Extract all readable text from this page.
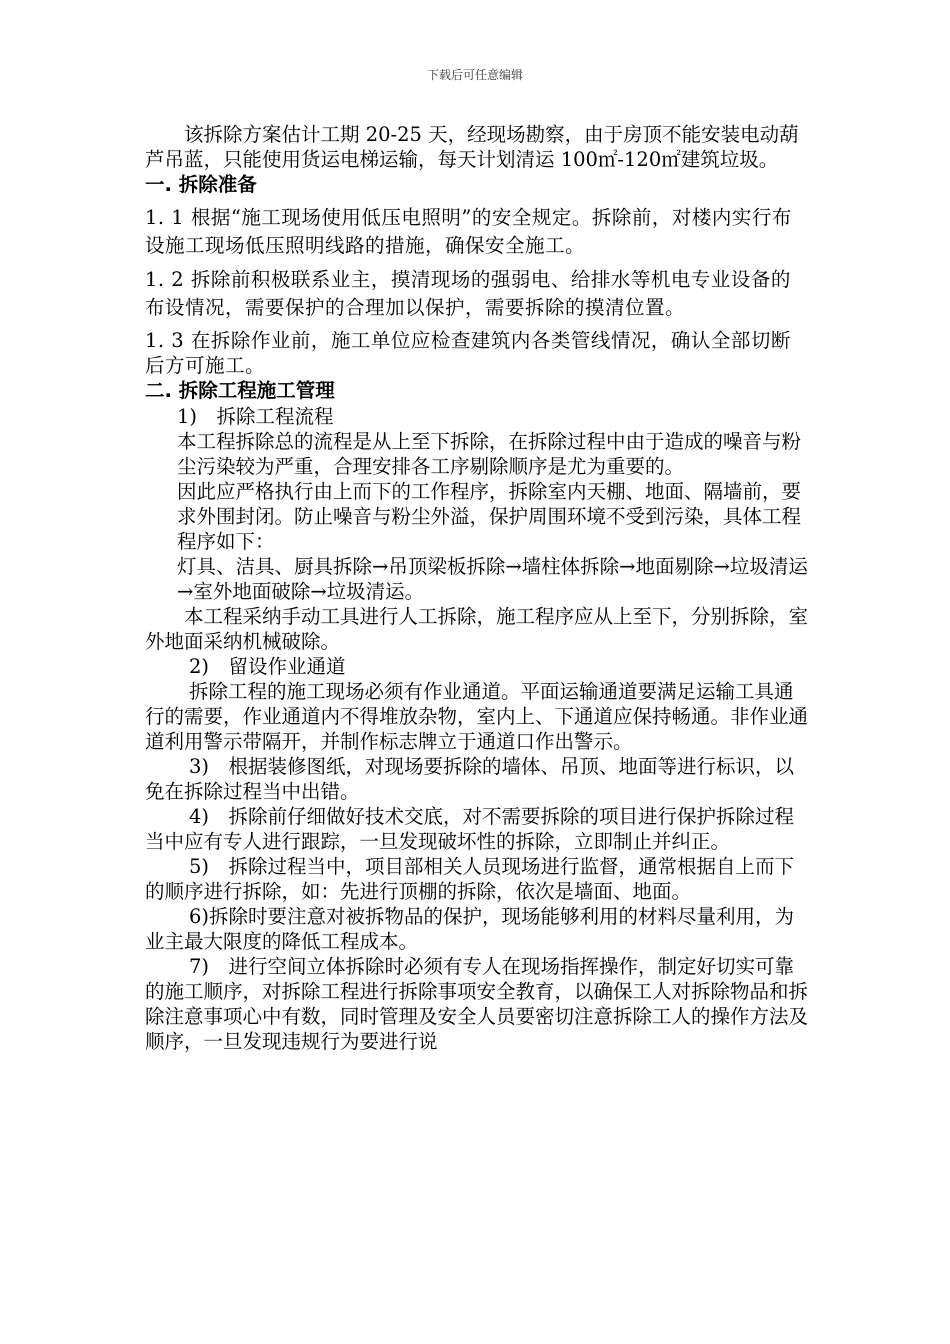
下载后可任意编辑

该拆除方案估计工期 20-25 天，经现场勘察，由于房顶不能安装电动葫芦吊蓝，只能使用货运电梯运输，每天计划清运 100㎡-120㎡建筑垃圾。

一. 拆除准备

1. 1 根据“施工现场使用低压电照明”的安全规定。拆除前，对楼内实行布设施工现场低压照明线路的措施，确保安全施工。

1. 2 拆除前积极联系业主，摸清现场的强弱电、给排水等机电专业设备的布设情况，需要保护的合理加以保护，需要拆除的摸清位置。

1. 3 在拆除作业前，施工单位应检查建筑内各类管线情况，确认全部切断后方可施工。

二. 拆除工程施工管理

1)　拆除工程流程

本工程拆除总的流程是从上至下拆除，在拆除过程中由于造成的噪音与粉尘污染较为严重，合理安排各工序剔除顺序是尤为重要的。

因此应严格执行由上而下的工作程序，拆除室内天棚、地面、隔墙前，要求外围封闭。防止噪音与粉尘外溢，保护周围环境不受到污染，具体工程程序如下：

灯具、洁具、厨具拆除→吊顶梁板拆除→墙柱体拆除→地面剔除→垃圾清运→室外地面破除→垃圾清运。

本工程采纳手动工具进行人工拆除，施工程序应从上至下，分别拆除，室外地面采纳机械破除。

2)　留设作业通道

拆除工程的施工现场必须有作业通道。平面运输通道要满足运输工具通行的需要，作业通道内不得堆放杂物，室内上、下通道应保持畅通。非作业通道利用警示带隔开，并制作标志牌立于通道口作出警示。

3)　根据装修图纸，对现场要拆除的墙体、吊顶、地面等进行标识，以免在拆除过程当中出错。

4)　拆除前仔细做好技术交底，对不需要拆除的项目进行保护拆除过程当中应有专人进行跟踪，一旦发现破坏性的拆除，立即制止并纠正。

5)　拆除过程当中，项目部相关人员现场进行监督，通常根据自上而下的顺序进行拆除，如：先进行顶棚的拆除，依次是墙面、地面。

6)拆除时要注意对被拆物品的保护，现场能够利用的材料尽量利用，为业主最大限度的降低工程成本。

7)　进行空间立体拆除时必须有专人在现场指挥操作，制定好切实可靠的施工顺序，对拆除工程进行拆除事项安全教育，以确保工人对拆除物品和拆除注意事项心中有数，同时管理及安全人员要密切注意拆除工人的操作方法及顺序，一旦发现违规行为要进行说
